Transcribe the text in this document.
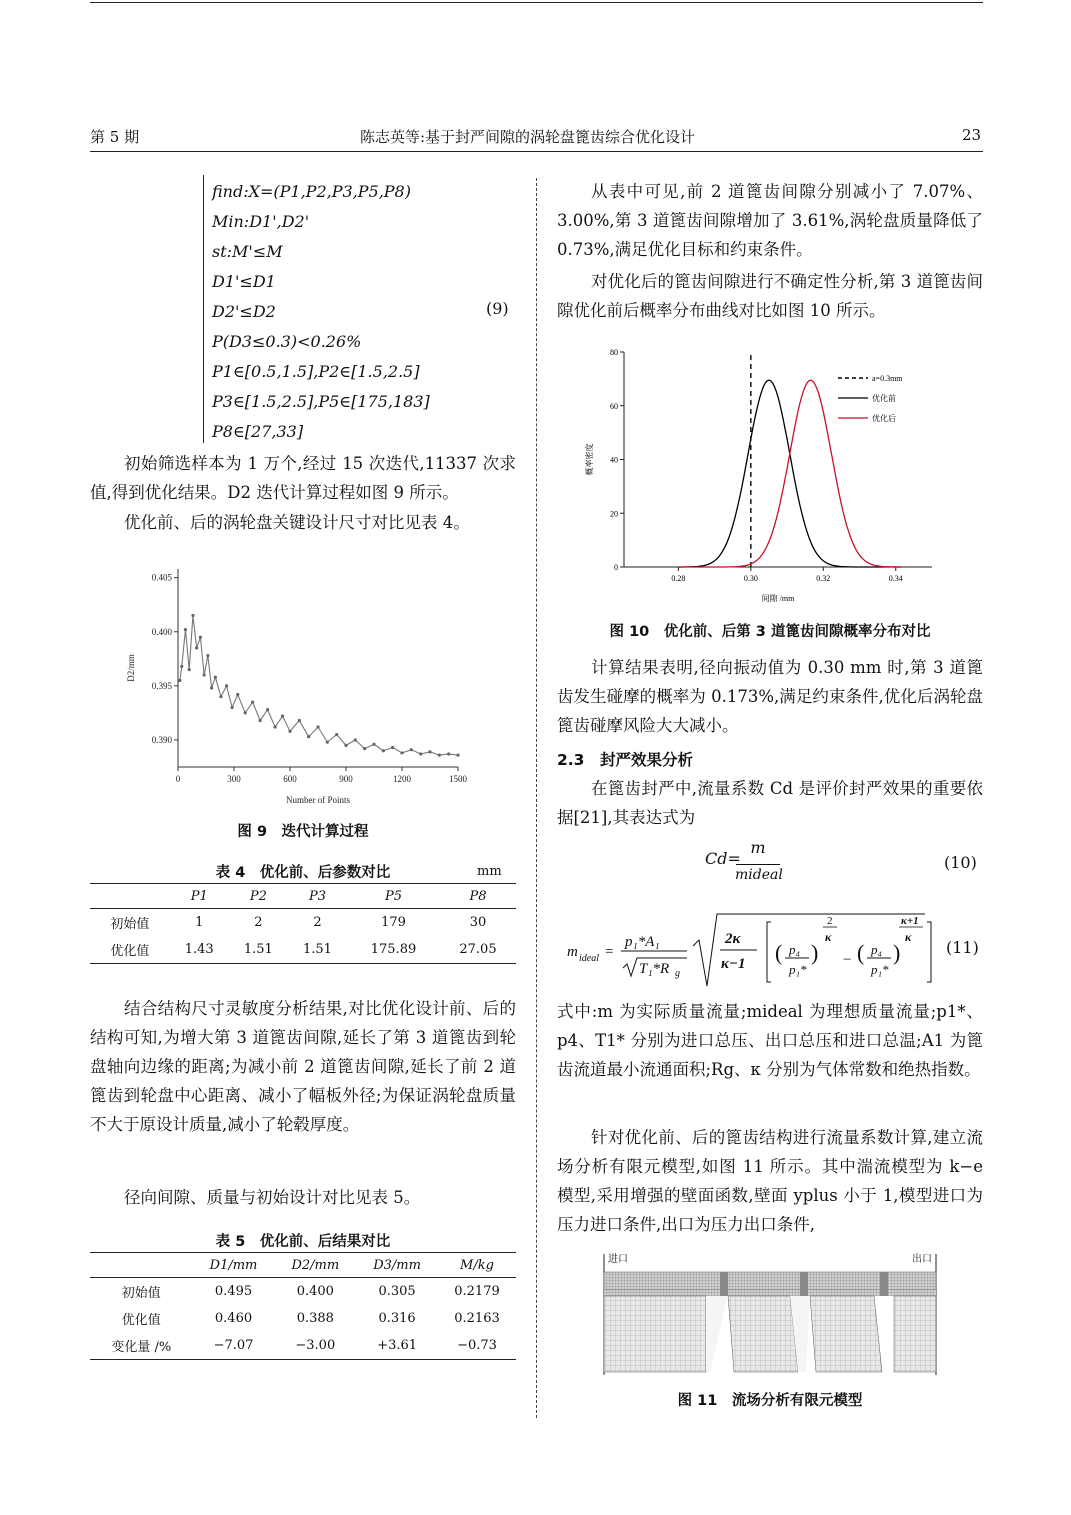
第 5 期	陈志英等:基于封严间隙的涡轮盘篦齿综合优化设计	23
find:X=(P1,P2,P3,P5,P8)
Min:D1',D2'
st:M'≤M
D1'≤D1
D2'≤D2
P(D3≤0.3)<0.26%
P1∈[0.5,1.5],P2∈[1.5,2.5]
P3∈[1.5,2.5],P5∈[175,183]
P8∈[27,33]
(9)
初始筛选样本为 1 万个,经过 15 次迭代,11337 次求值,得到优化结果。D2 迭代计算过程如图 9 所示。
优化前、后的涡轮盘关键设计尺寸对比见表 4。
0.390
0.395
0.400
0.405
0	300	600	900	1200	1500
Number of Points
D2/mm
图 9　迭代计算过程
表 4　优化前、后参数对比	mm
	P1	P2	P3	P5	P8
初始值	1	2	2	179	30
优化值	1.43	1.51	1.51	175.89	27.05
结合结构尺寸灵敏度分析结果,对比优化设计前、后的结构可知,为增大第 3 道篦齿间隙,延长了第 3 道篦齿到轮盘轴向边缘的距离;为减小前 2 道篦齿间隙,延长了前 2 道篦齿到轮盘中心距离、减小了幅板外径;为保证涡轮盘质量不大于原设计质量,减小了轮毂厚度。
径向间隙、质量与初始设计对比见表 5。
表 5　优化前、后结果对比
	D1/mm	D2/mm	D3/mm	M/kg
初始值	0.495	0.400	0.305	0.2179
优化值	0.460	0.388	0.316	0.2163
变化量 /%	−7.07	−3.00	+3.61	−0.73
从表中可见,前 2 道篦齿间隙分别减小了 7.07%、3.00%,第 3 道篦齿间隙增加了 3.61%,涡轮盘质量降低了 0.73%,满足优化目标和约束条件。
对优化后的篦齿间隙进行不确定性分析,第 3 道篦齿间隙优化前后概率分布曲线对比如图 10 所示。
0
20
40
60
80
0.28	0.30	0.32	0.34
间隙 /mm
概率密度
a=0.3mm
优化前
优化后
图 10　优化前、后第 3 道篦齿间隙概率分布对比
计算结果表明,径向振动值为 0.30 mm 时,第 3 道篦齿发生碰摩的概率为 0.173%,满足约束条件,优化后涡轮盘篦齿碰摩风险大大减小。
2.3　封严效果分析
在篦齿封严中,流量系数 Cd 是评价封严效果的重要依据[21],其表达式为
Cd=
m
mideal
(10)
m ideal =
p₁*A₁
T₁*R g
2κ
κ−1 ( p₄
p₁*
)
2
κ
− ( p₄
p₁*
)
κ+1
κ
(11)
式中:m 为实际质量流量;mideal 为理想质量流量;p1*、p4、T1* 分别为进口总压、出口总压和进口总温;A1 为篦齿流道最小流通面积;Rg、κ 分别为气体常数和绝热指数。
针对优化前、后的篦齿结构进行流量系数计算,建立流场分析有限元模型,如图 11 所示。其中湍流模型为 k−e 模型,采用增强的壁面函数,壁面 yplus 小于 1,模型进口为压力进口条件,出口为压力出口条件,
进口	出口
图 11　流场分析有限元模型
